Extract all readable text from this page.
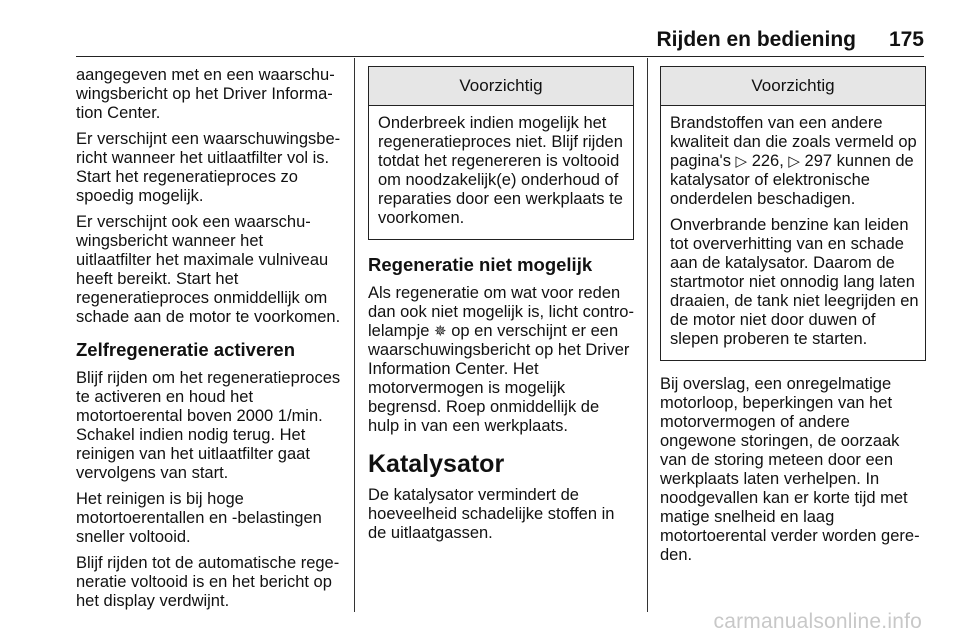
Rijden en bediening 175

aangegeven met en een waarschuwingsbericht op het Driver Information Center.

Er verschijnt een waarschuwingsbericht wanneer het uitlaatfilter vol is. Start het regeneratieproces zo spoedig mogelijk.

Er verschijnt ook een waarschuwingsbericht wanneer het uitlaatfilter het maximale vulniveau heeft bereikt. Start het regeneratieproces onmiddellijk om schade aan de motor te voorkomen.

Zelfregeneratie activeren

Blijf rijden om het regeneratieproces te activeren en houd het motortoerental boven 2000 1/min. Schakel indien nodig terug. Het reinigen van het uitlaatfilter gaat vervolgens van start.

Het reinigen is bij hoge motortoerentallen en -belastingen sneller voltooid.

Blijf rijden tot de automatische regeneratie voltooid is en het bericht op het display verdwijnt.

Voorzichtig

Onderbreek indien mogelijk het regeneratieproces niet. Blijf rijden totdat het regenereren is voltooid om noodzakelijk(e) onderhoud of reparaties door een werkplaats te voorkomen.

Regeneratie niet mogelijk

Als regeneratie om wat voor reden dan ook niet mogelijk is, licht controlelampje ✵ op en verschijnt er een waarschuwingsbericht op het Driver Information Center. Het motorvermogen is mogelijk begrensd. Roep onmiddellijk de hulp in van een werkplaats.

Katalysator

De katalysator vermindert de hoeveelheid schadelijke stoffen in de uitlaatgassen.

Voorzichtig

Brandstoffen van een andere kwaliteit dan die zoals vermeld op pagina's ▷ 226, ▷ 297 kunnen de katalysator of elektronische onderdelen beschadigen.

Onverbrande benzine kan leiden tot oververhitting van en schade aan de katalysator. Daarom de startmotor niet onnodig lang laten draaien, de tank niet leegrijden en de motor niet door duwen of slepen proberen te starten.

Bij overslag, een onregelmatige motorloop, beperkingen van het motorvermogen of andere ongewone storingen, de oorzaak van de storing meteen door een werkplaats laten verhelpen. In noodgevallen kan er korte tijd met matige snelheid en laag motortoerental verder worden gereden.

carmanualsonline.info
